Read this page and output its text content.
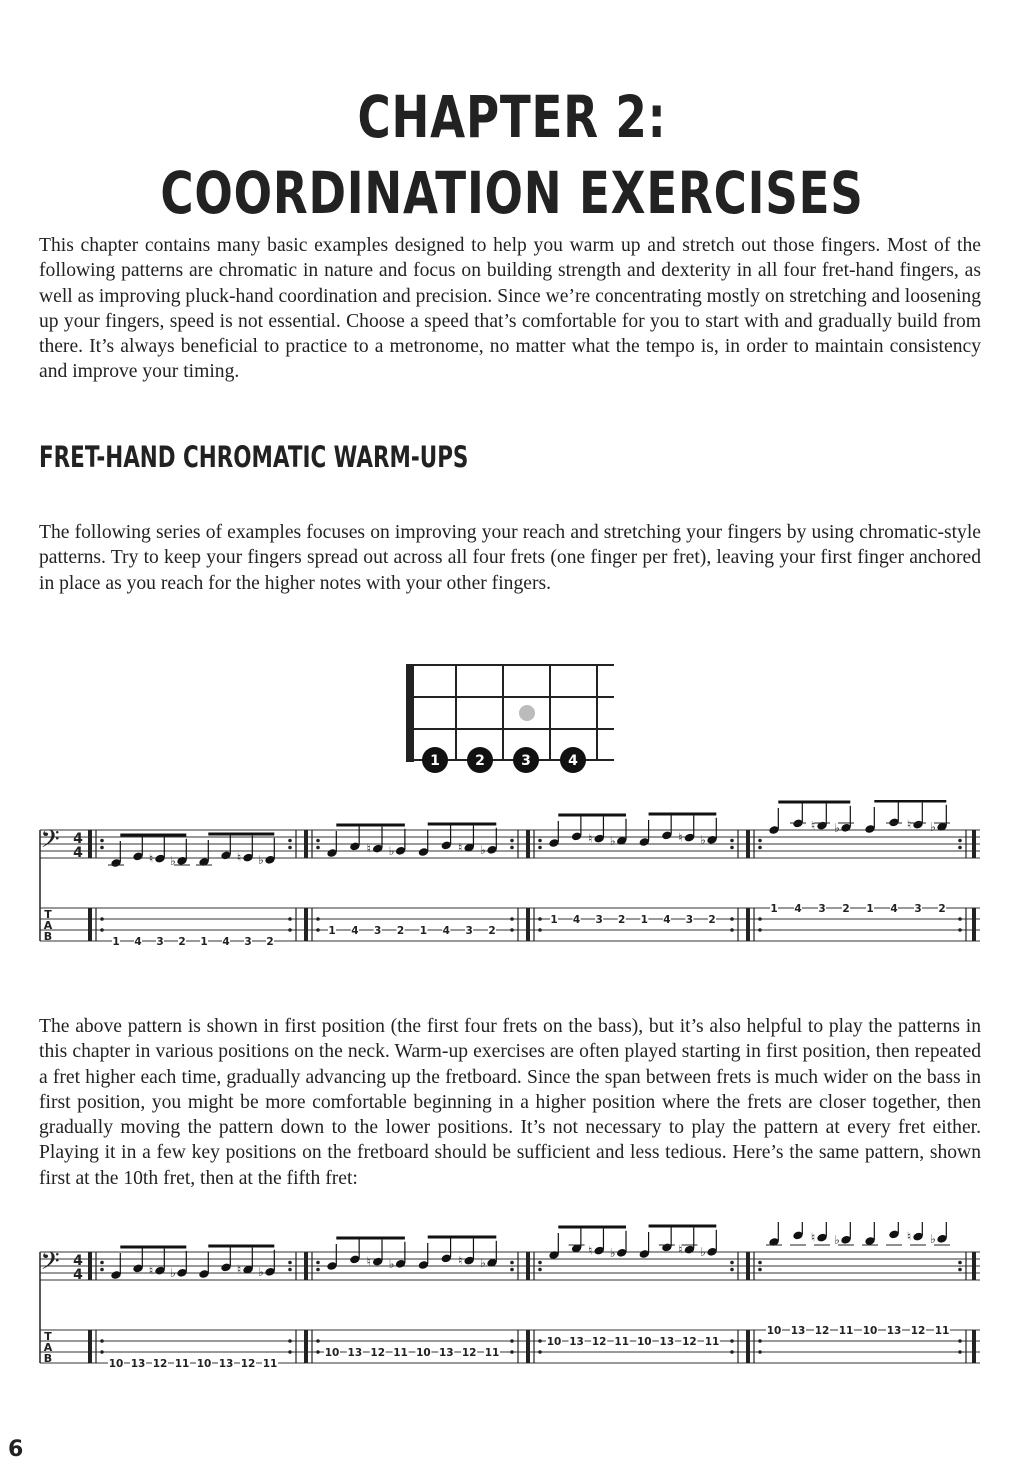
CHAPTER 2:
COORDINATION EXERCISES

This chapter contains many basic examples designed to help you warm up and stretch out those fingers. Most of the following patterns are chromatic in nature and focus on building strength and dexterity in all four fret-hand fingers, as well as improving pluck-hand coordination and precision. Since we’re concentrating mostly on stretching and loosening up your fingers, speed is not essential. Choose a speed that’s comfortable for you to start with and gradually build from there. It’s always beneficial to practice to a metronome, no matter what the tempo is, in order to maintain consistency and improve your timing.

FRET-HAND CHROMATIC WARM-UPS

The following series of examples focuses on improving your reach and stretching your fingers by using chromatic-style patterns. Try to keep your fingers spread out across all four frets (one finger per fret), leaving your first finger anchored in place as you reach for the higher notes with your other fingers.

1	2	3	4
𝄢 4
4
T
A
B	1 4
♮
3
♭
2 1 4
♮
3
♭
2
1 4
♮
3
♭
2 1 4
♮
3
♭
2
1 4
♮
3
♭
2 1 4
♮
3
♭
2
1 4
♮
3
♭
2 1 4
♮
3
♭
2

The above pattern is shown in first position (the first four frets on the bass), but it’s also helpful to play the patterns in this chapter in various positions on the neck. Warm-up exercises are often played starting in first position, then repeated a fret higher each time, gradually advancing up the fretboard. Since the span between frets is much wider on the bass in first position, you might be more comfortable beginning in a higher position where the frets are closer together, then gradually moving the pattern down to the lower positions. It’s not necessary to play the pattern at every fret either. Playing it in a few key positions on the fretboard should be sufficient and less tedious. Here’s the same pattern, shown first at the 10th fret, then at the fifth fret:

𝄢 4
4
T
A
B	10 13
♮
12
♭
11 10 13
♮
12
♭
11
10 13
♮
12
♭
11 10 13
♮
12
♭
11
10 13
♮
12
♭
11 10 13
♮
12
♭
11
10 13
♮
12
♭
11 10 13
♮
12
♭
11
6
